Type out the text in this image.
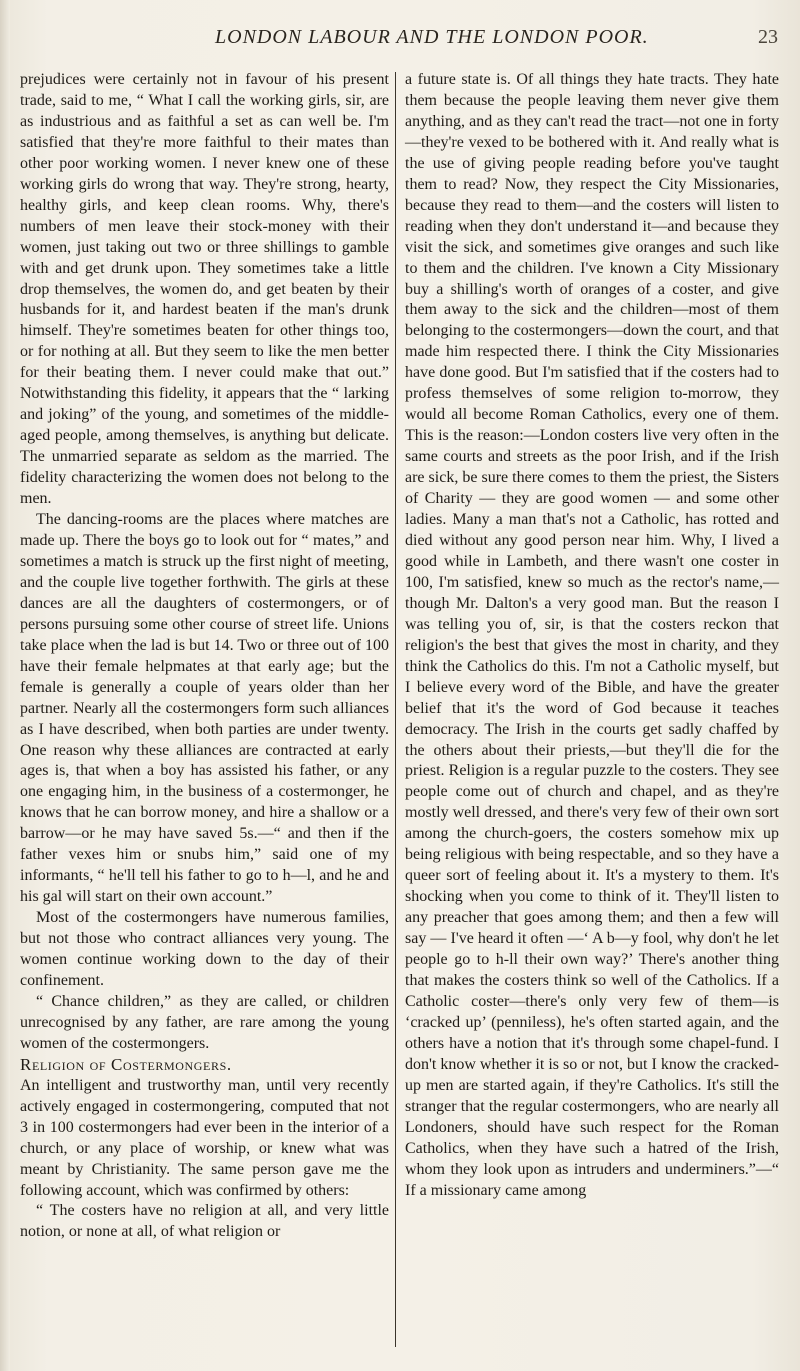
LONDON LABOUR AND THE LONDON POOR.	23

prejudices were certainly not in favour of his present trade, said to me, “ What I call the working girls, sir, are as industrious and as faithful a set as can well be. I'm satisfied that they're more faithful to their mates than other poor working women. I never knew one of these working girls do wrong that way. They're strong, hearty, healthy girls, and keep clean rooms. Why, there's numbers of men leave their stock-money with their women, just taking out two or three shillings to gamble with and get drunk upon. They sometimes take a little drop themselves, the women do, and get beaten by their husbands for it, and hardest beaten if the man's drunk himself. They're sometimes beaten for other things too, or for nothing at all. But they seem to like the men better for their beating them. I never could make that out.” Notwithstanding this fidelity, it appears that the “ larking and joking” of the young, and sometimes of the middle-aged people, among themselves, is anything but delicate. The unmarried separate as seldom as the married. The fidelity characterizing the women does not belong to the men.

The dancing-rooms are the places where matches are made up. There the boys go to look out for “ mates,” and sometimes a match is struck up the first night of meeting, and the couple live together forthwith. The girls at these dances are all the daughters of costermongers, or of persons pursuing some other course of street life. Unions take place when the lad is but 14. Two or three out of 100 have their female helpmates at that early age; but the female is generally a couple of years older than her partner. Nearly all the costermongers form such alliances as I have described, when both parties are under twenty. One reason why these alliances are contracted at early ages is, that when a boy has assisted his father, or any one engaging him, in the business of a costermonger, he knows that he can borrow money, and hire a shallow or a barrow—or he may have saved 5s.—“ and then if the father vexes him or snubs him,” said one of my informants, “ he'll tell his father to go to h—l, and he and his gal will start on their own account.”

Most of the costermongers have numerous families, but not those who contract alliances very young. The women continue working down to the day of their confinement.

“ Chance children,” as they are called, or children unrecognised by any father, are rare among the young women of the costermongers.

Religion of Costermongers.

An intelligent and trustworthy man, until very recently actively engaged in costermongering, computed that not 3 in 100 costermongers had ever been in the interior of a church, or any place of worship, or knew what was meant by Christianity. The same person gave me the following account, which was confirmed by others:

“ The costers have no religion at all, and very little notion, or none at all, of what religion or

a future state is. Of all things they hate tracts. They hate them because the people leaving them never give them anything, and as they can't read the tract—not one in forty—they're vexed to be bothered with it. And really what is the use of giving people reading before you've taught them to read? Now, they respect the City Missionaries, because they read to them—and the costers will listen to reading when they don't understand it—and because they visit the sick, and sometimes give oranges and such like to them and the children. I've known a City Missionary buy a shilling's worth of oranges of a coster, and give them away to the sick and the children—most of them belonging to the costermongers—down the court, and that made him respected there. I think the City Missionaries have done good. But I'm satisfied that if the costers had to profess themselves of some religion to-morrow, they would all become Roman Catholics, every one of them. This is the reason:—London costers live very often in the same courts and streets as the poor Irish, and if the Irish are sick, be sure there comes to them the priest, the Sisters of Charity — they are good women — and some other ladies. Many a man that's not a Catholic, has rotted and died without any good person near him. Why, I lived a good while in Lambeth, and there wasn't one coster in 100, I'm satisfied, knew so much as the rector's name,—though Mr. Dalton's a very good man. But the reason I was telling you of, sir, is that the costers reckon that religion's the best that gives the most in charity, and they think the Catholics do this. I'm not a Catholic myself, but I believe every word of the Bible, and have the greater belief that it's the word of God because it teaches democracy. The Irish in the courts get sadly chaffed by the others about their priests,—but they'll die for the priest. Religion is a regular puzzle to the costers. They see people come out of church and chapel, and as they're mostly well dressed, and there's very few of their own sort among the church-goers, the costers somehow mix up being religious with being respectable, and so they have a queer sort of feeling about it. It's a mystery to them. It's shocking when you come to think of it. They'll listen to any preacher that goes among them; and then a few will say — I've heard it often —‘ A b—y fool, why don't he let people go to h-ll their own way?’ There's another thing that makes the costers think so well of the Catholics. If a Catholic coster—there's only very few of them—is ‘cracked up’ (penniless), he's often started again, and the others have a notion that it's through some chapel-fund. I don't know whether it is so or not, but I know the cracked-up men are started again, if they're Catholics. It's still the stranger that the regular costermongers, who are nearly all Londoners, should have such respect for the Roman Catholics, when they have such a hatred of the Irish, whom they look upon as intruders and underminers.”—“ If a missionary came among
